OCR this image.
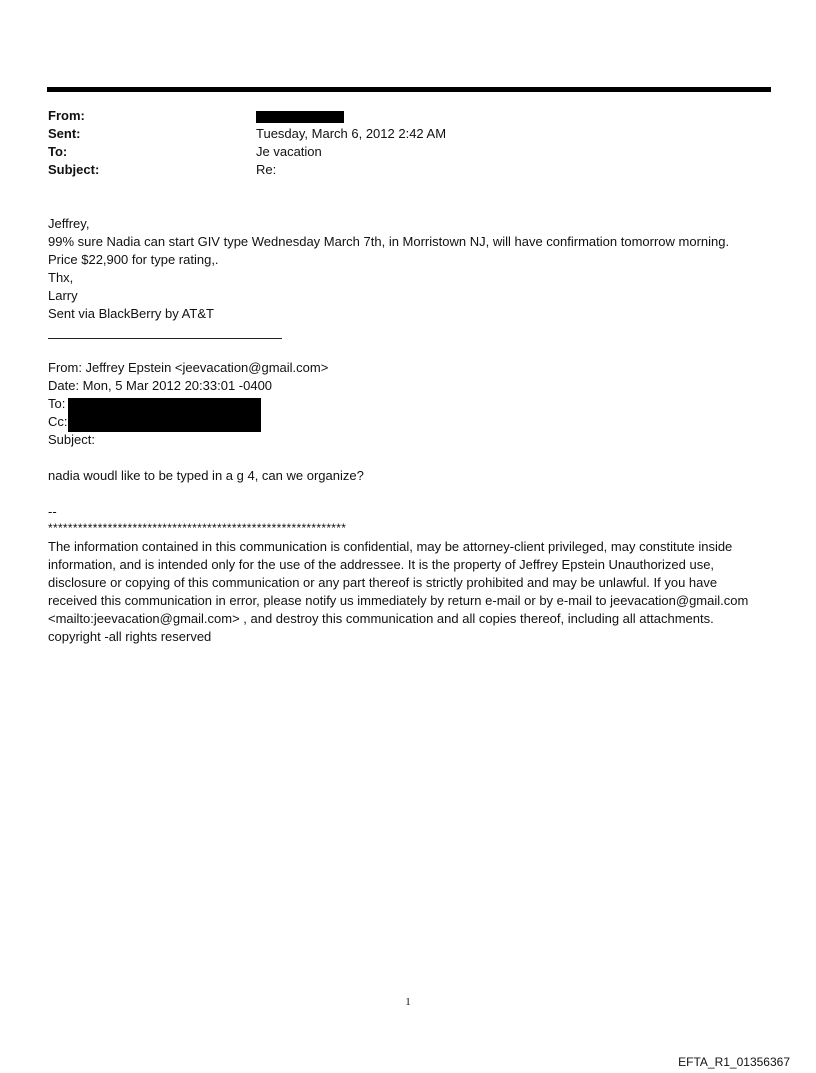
From:
Sent:	Tuesday, March 6, 2012 2:42 AM
To:	Je vacation
Subject:	Re:
Jeffrey,
99% sure Nadia can start GIV type Wednesday March 7th, in Morristown NJ, will have confirmation tomorrow morning.
Price $22,900 for type rating,.
Thx,
Larry
Sent via BlackBerry by AT&T
From: Jeffrey Epstein <jeevacation@gmail.com>
Date: Mon, 5 Mar 2012 20:33:01 -0400
To:
Cc:
Subject:
nadia woudl like to be typed in a g 4, can we organize?
--
************************************************************
The information contained in this communication is confidential, may be attorney-client privileged, may constitute inside information, and is intended only for the use of the addressee. It is the property of Jeffrey Epstein Unauthorized use, disclosure or copying of this communication or any part thereof is strictly prohibited and may be unlawful. If you have received this communication in error, please notify us immediately by return e-mail or by e-mail to jeevacation@gmail.com <mailto:jeevacation@gmail.com> , and destroy this communication and all copies thereof, including all attachments. copyright -all rights reserved
1
EFTA_R1_01356367
